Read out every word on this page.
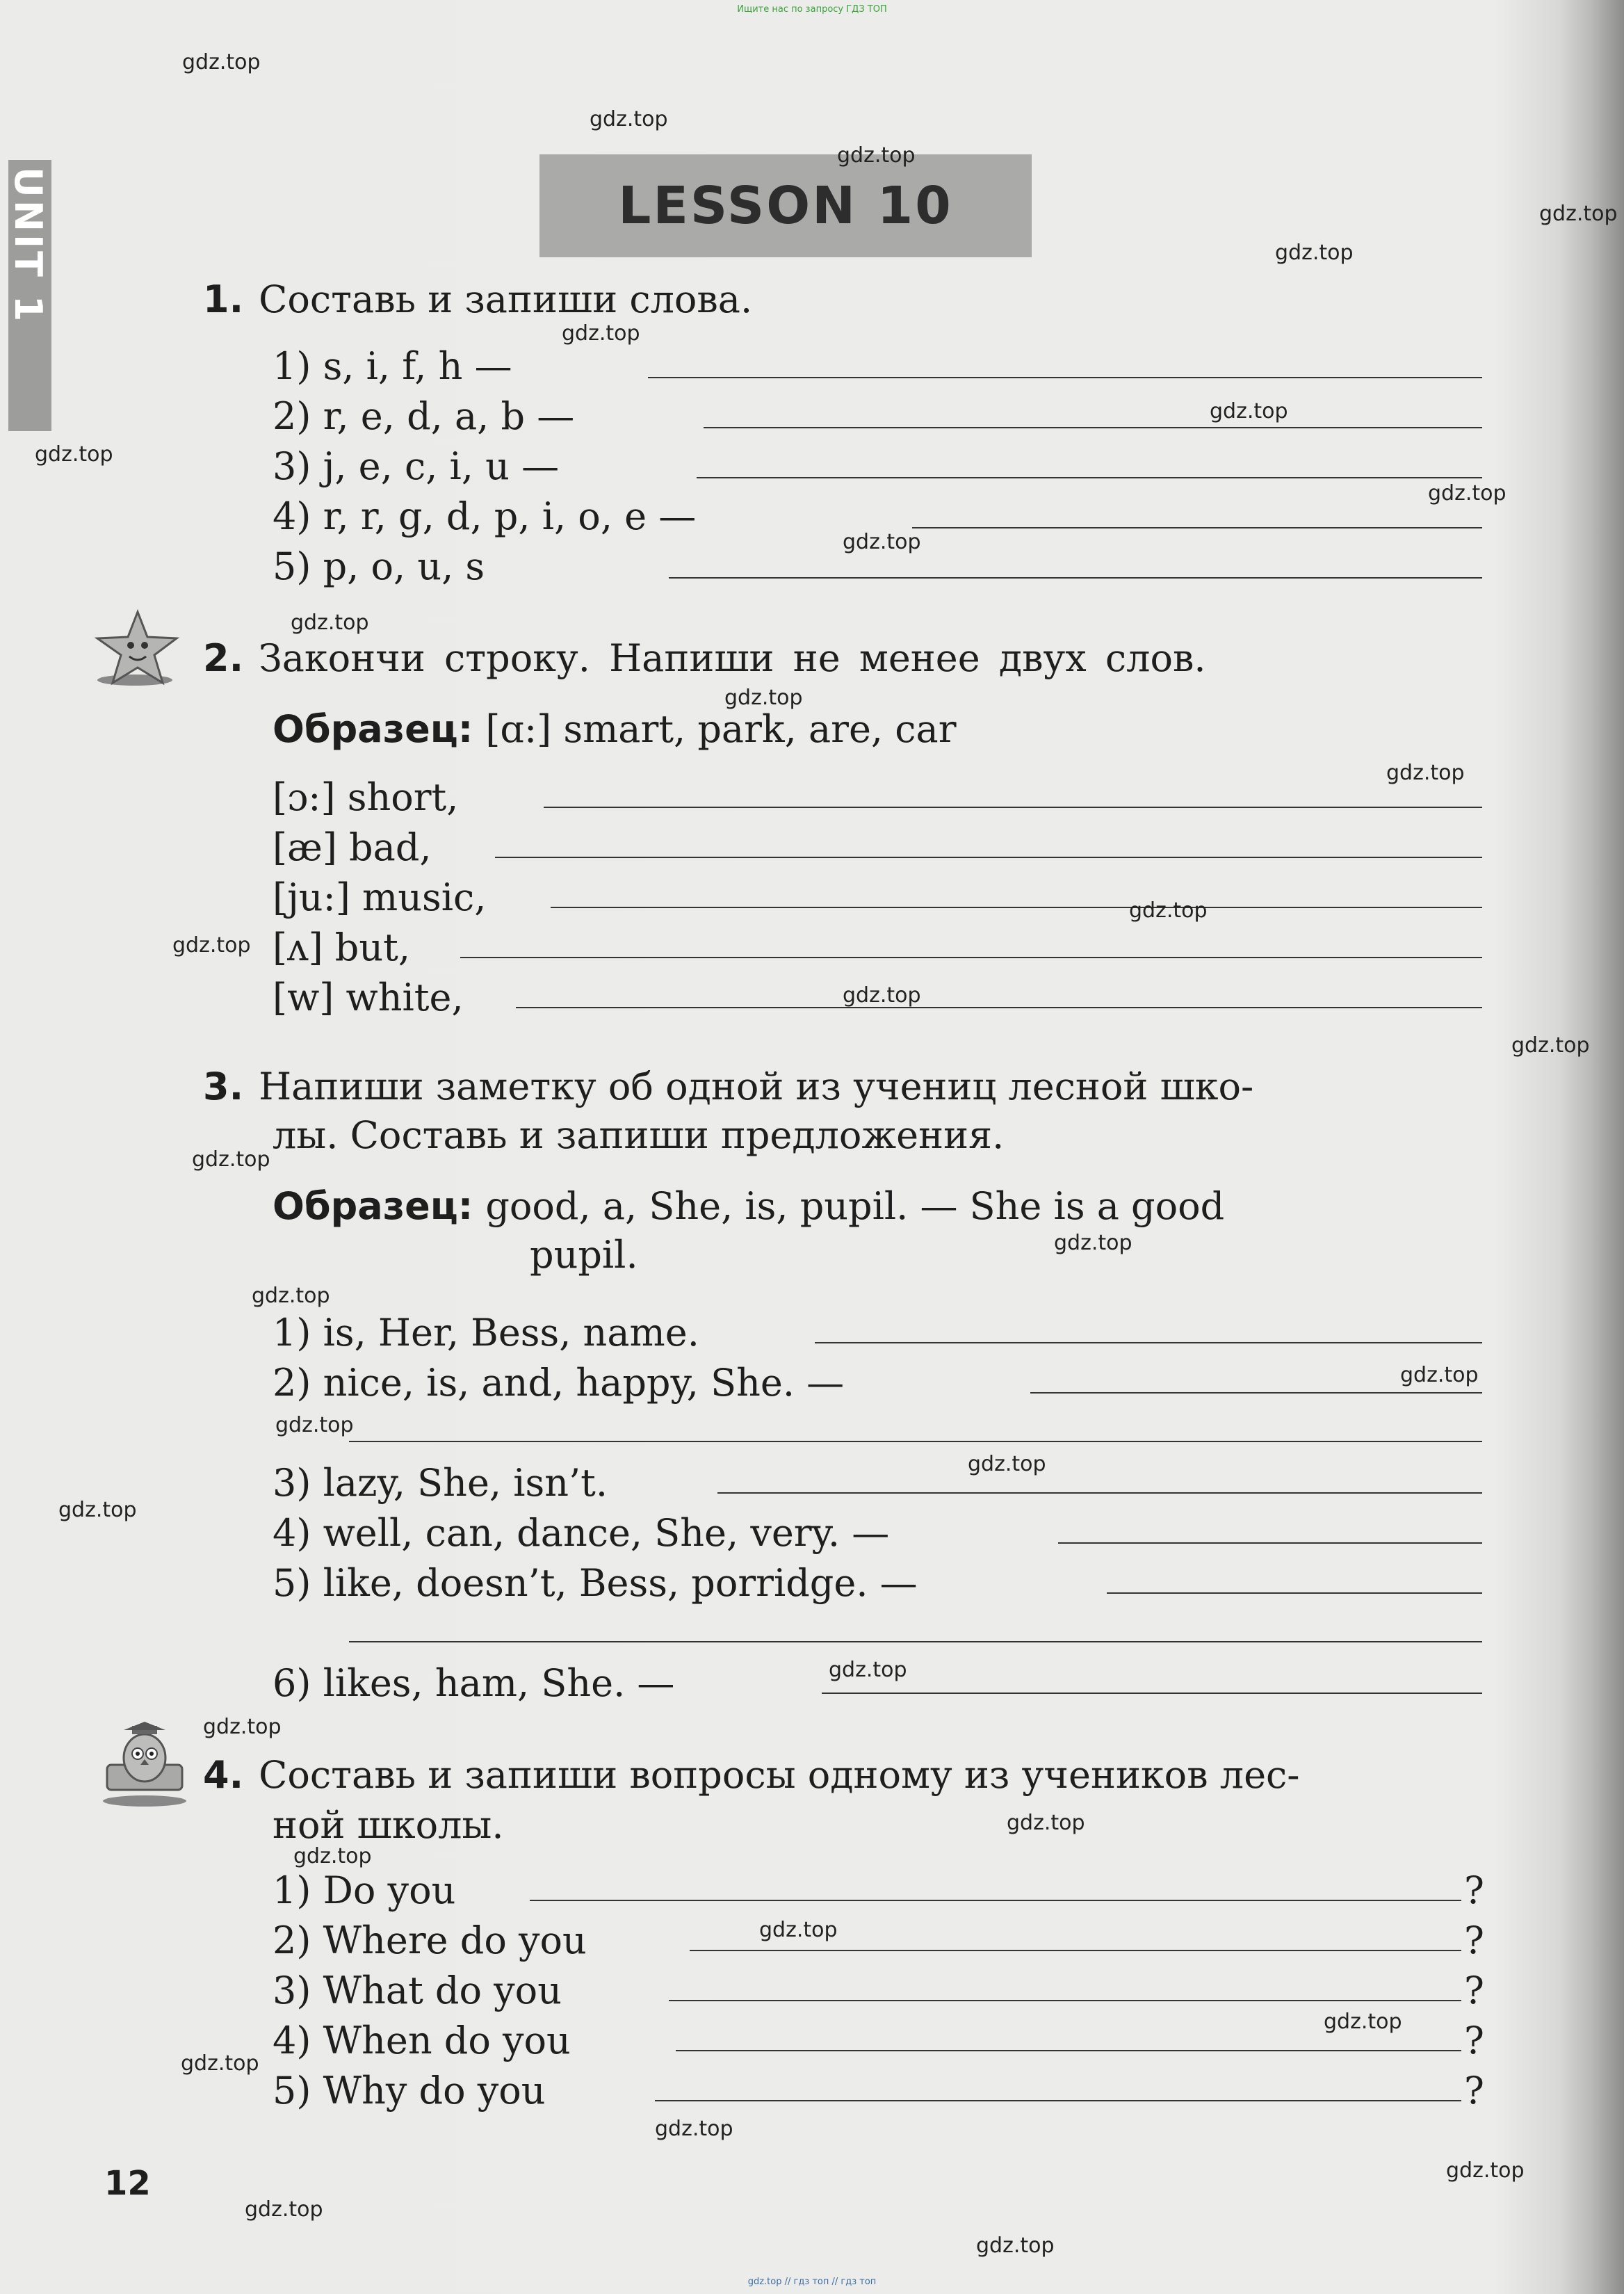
Ищите нас по запросу ГДЗ ТОП
UNIT 1	LESSON 10
1. Составь и запиши слова.
1) s, i, f, h —
2) r, e, d, a, b —
3) j, e, c, i, u —
4) r, r, g, d, p, i, o, e —
5) p, o, u, s
2. Закончи строку. Напиши не менее двух слов.
Образец: [ɑ:] smart, park, are, car
[ɔ:] short,
[æ] bad,
[ju:] music,
[ʌ] but,
[w] white,
3. Напиши заметку об одной из учениц лесной шко-
лы. Составь и запиши предложения.
Образец: good, a, She, is, pupil. — She is a good
pupil.
1) is, Her, Bess, name.
2) nice, is, and, happy, She. —
3) lazy, She, isn’t.
4) well, can, dance, She, very. —
5) like, doesn’t, Bess, porridge. —
6) likes, ham, She. —
4. Составь и запиши вопросы одному из учеников лес-
ной школы.
1) Do you	?
2) Where do you	?
3) What do you	?
4) When do you	?
5) Why do you	?
12
gdz.top
gdz.top
gdz.top
gdz.top
gdz.top
gdz.top
gdz.top
gdz.top
gdz.top
gdz.top
gdz.top
gdz.top
gdz.top
gdz.top
gdz.top
gdz.top
gdz.top
gdz.top
gdz.top
gdz.top
gdz.top
gdz.top
gdz.top
gdz.top
gdz.top
gdz.top
gdz.top
gdz.top
gdz.top
gdz.top
gdz.top
gdz.top
gdz.top
gdz.top
gdz.top
gdz.top // гдз топ // гдз топ
